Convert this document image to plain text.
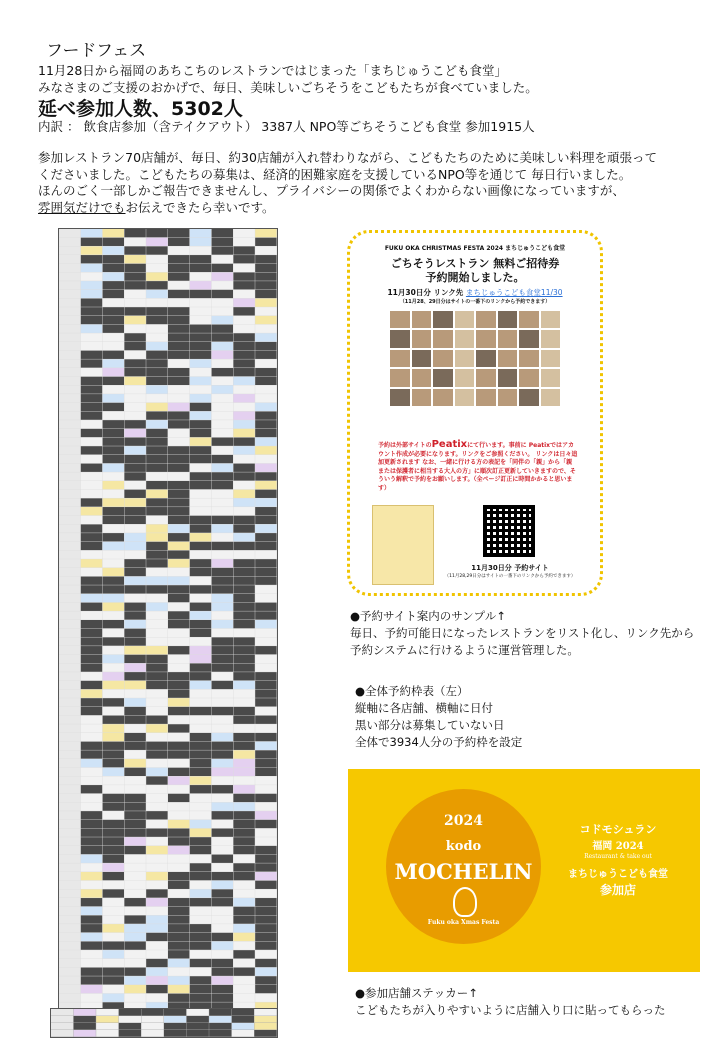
フードフェス
11月28日から福岡のあちこちのレストランではじまった「まちじゅうこども食堂」
みなさまのご支援のおかげで、毎日、美味しいごちそうをこどもたちが食べていました。
延べ参加人数、5302人
内訳 ： 飲食店参加（含テイクアウト） 3387人 NPO等ごちそうこども食堂 参加1915人
参加レストラン70店舗が、毎日、約30店舗が入れ替わりながら、こどもたちのために美味しい料理を頑張って
くださいました。こどもたちの募集は、経済的困難家庭を支援しているNPO等を通じて 毎日行いました。
ほんのごく一部しかご報告できませんし、プライバシーの関係でよくわからない画像になっていますが、
雰囲気だけでもお伝えできたら幸いです。
FUKU OKA CHRISTMAS FESTA 2024 まちじゅうこども食堂
ごちそうレストラン 無料ご招待券
予約開始しました。
11月30日分 リンク先 まちじゅうこども食堂11/30
（11月28、29日分はサイトの一番下のリンクから予約できます）
予約は外部サイトのPeatixにて行います。事前に Peatixではアカウント作成が必要になります。リンクをご参照ください。 リンクは日々追加更新されます なお、一緒に行ける方の表記を「同伴の「親」から「親または保護者に相当する大人の方」に順次訂正更新していきますので、そういう解釈で予約をお願いします。（全ページ訂正に時間かかると思います）
11月30日分 予約サイト
（11月28,29日分はサイトの一番下のリンクから予約できます）
●予約サイト案内のサンプル↑
毎日、予約可能日になったレストランをリスト化し、リンク先から
予約システムに行けるように運営管理した。
●全体予約枠表（左）
縦軸に各店舗、横軸に日付
黒い部分は募集していない日
全体で3934人分の予約枠を設定
2024
kodo
MOCHELIN
Fuku oka Xmas Festa
コドモシュラン
福岡 2024
Restaurant & take out
まちじゅうこども食堂
参加店
●参加店舗ステッカー↑
こどもたちが入りやすいように店舗入り口に貼ってもらった
